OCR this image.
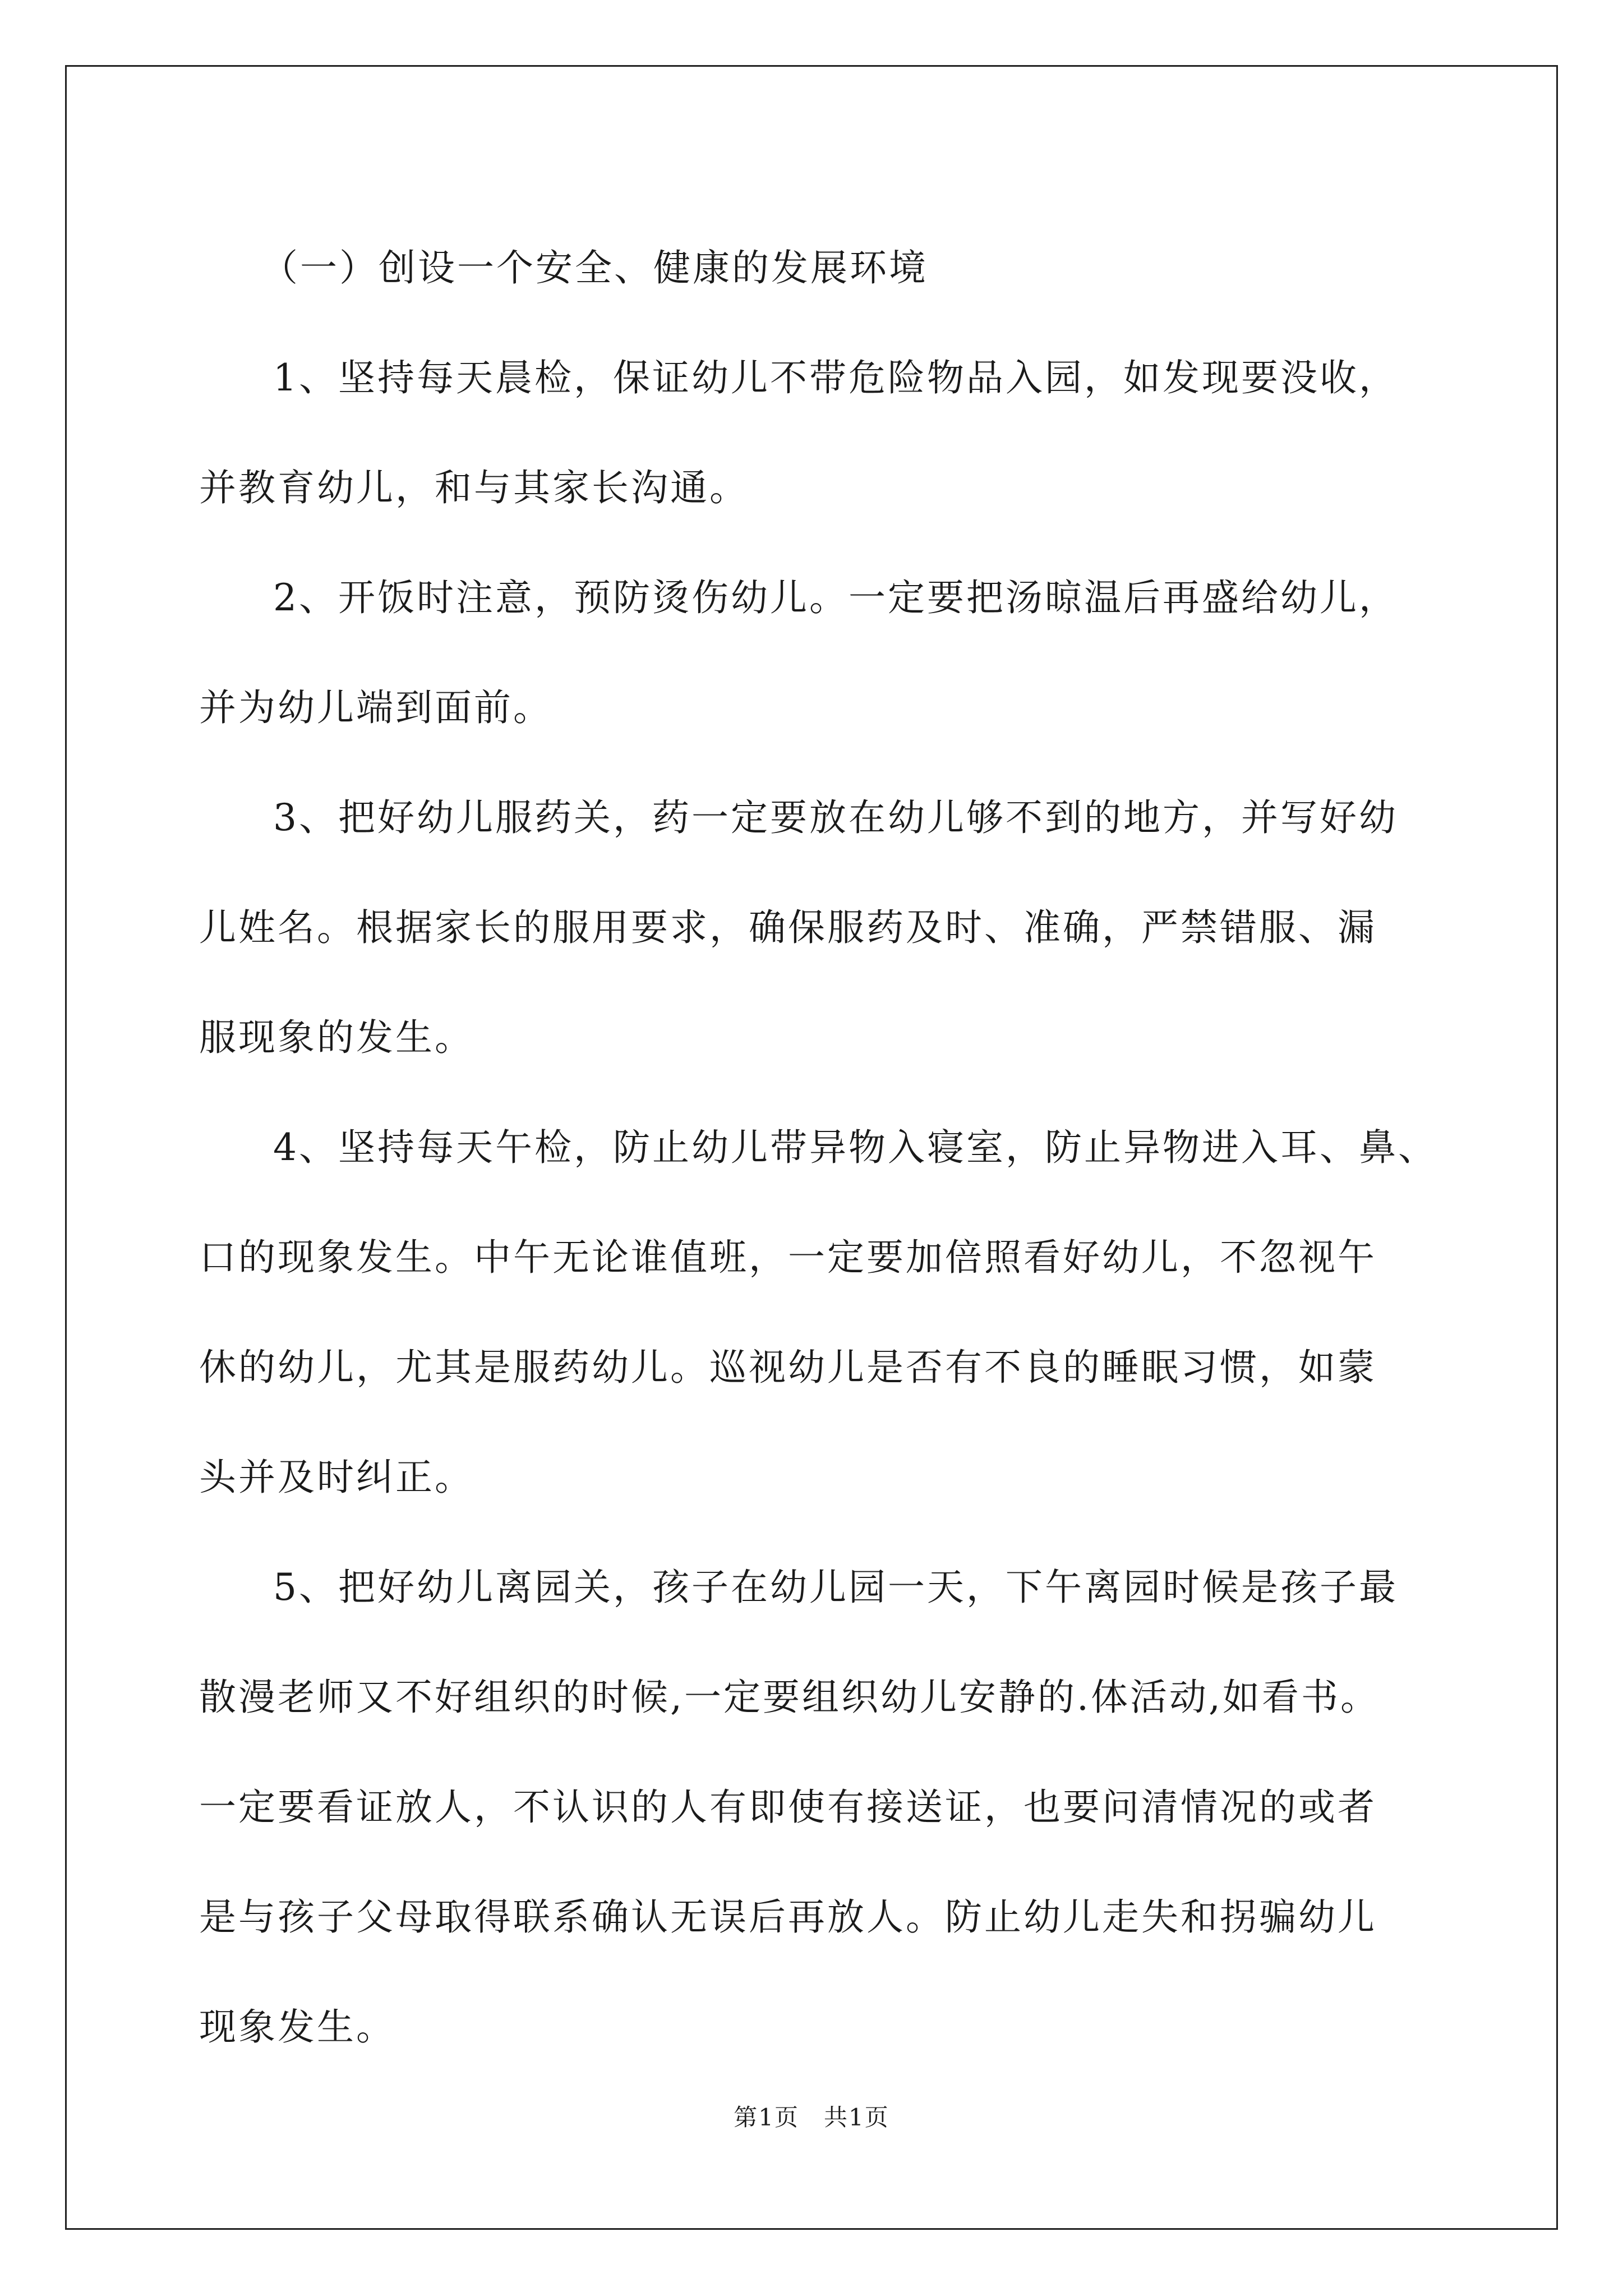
（一）创设一个安全、健康的发展环境
1、坚持每天晨检，保证幼儿不带危险物品入园，如发现要没收，
并教育幼儿，和与其家长沟通。
2、开饭时注意，预防烫伤幼儿。一定要把汤晾温后再盛给幼儿，
并为幼儿端到面前。
3、把好幼儿服药关，药一定要放在幼儿够不到的地方，并写好幼
儿姓名。根据家长的服用要求，确保服药及时、准确，严禁错服、漏
服现象的发生。
4、坚持每天午检，防止幼儿带异物入寝室，防止异物进入耳、鼻、
口的现象发生。中午无论谁值班，一定要加倍照看好幼儿，不忽视午
休的幼儿，尤其是服药幼儿。巡视幼儿是否有不良的睡眠习惯，如蒙
头并及时纠正。
5、把好幼儿离园关，孩子在幼儿园一天，下午离园时候是孩子最
散漫老师又不好组织的时候,一定要组织幼儿安静的.体活动,如看书。
一定要看证放人，不认识的人有即使有接送证，也要问清情况的或者
是与孩子父母取得联系确认无误后再放人。防止幼儿走失和拐骗幼儿
现象发生。
第1页　共1页
